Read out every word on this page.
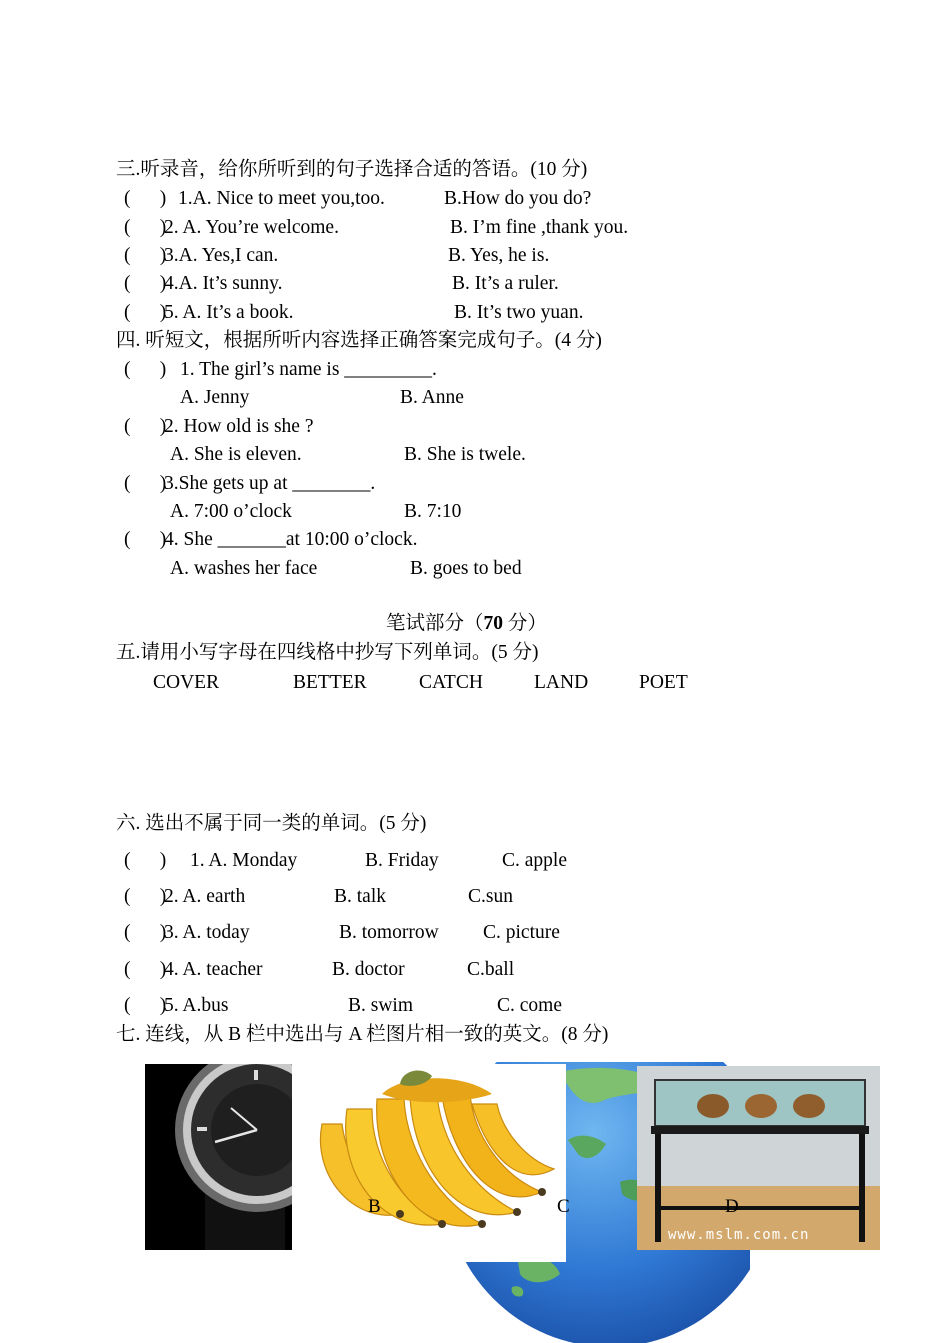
三.听录音，给你所听到的句子选择合适的答语。(10 分)
(      ) 1.A. Nice to meet you,too.	B.How do you do?
(      )
2. A. You’re welcome.	B. I’m fine ,thank you.
(      )
3.A. Yes,I can.	B. Yes, he is.
(      )
4.A. It’s sunny.	B. It’s a ruler.
(      )
5. A. It’s a book.	B. It’s two yuan.
四. 听短文，根据所听内容选择正确答案完成句子。(4 分)
(      ) 1. The girl’s name is _________.
A. Jenny	B. Anne
(      )
2. How old is she ?
A. She is eleven.	B. She is twele.
(      )
3.She gets up at ________.
A. 7:00 o’clock	B. 7:10
(      )
4. She _______at 10:00 o’clock.
A. washes her face	B. goes to bed
笔试部分（70 分）
五.请用小写字母在四线格中抄写下列单词。(5 分)
COVER	BETTER	CATCH	LAND	POET
六. 选出不属于同一类的单词。(5 分)
(      ) 1. A. Monday	B. Friday	C. apple
(      )
2. A. earth	B. talk	C.sun
(      )
3. A. today	B. tomorrow C. picture
(      )
4. A. teacher	B. doctor	C.ball
(      )
5. A.bus	B. swim	C. come
七. 连线，从 B 栏中选出与 A 栏图片相一致的英文。(8 分)
B	C	D
www.mslm.com.cn
